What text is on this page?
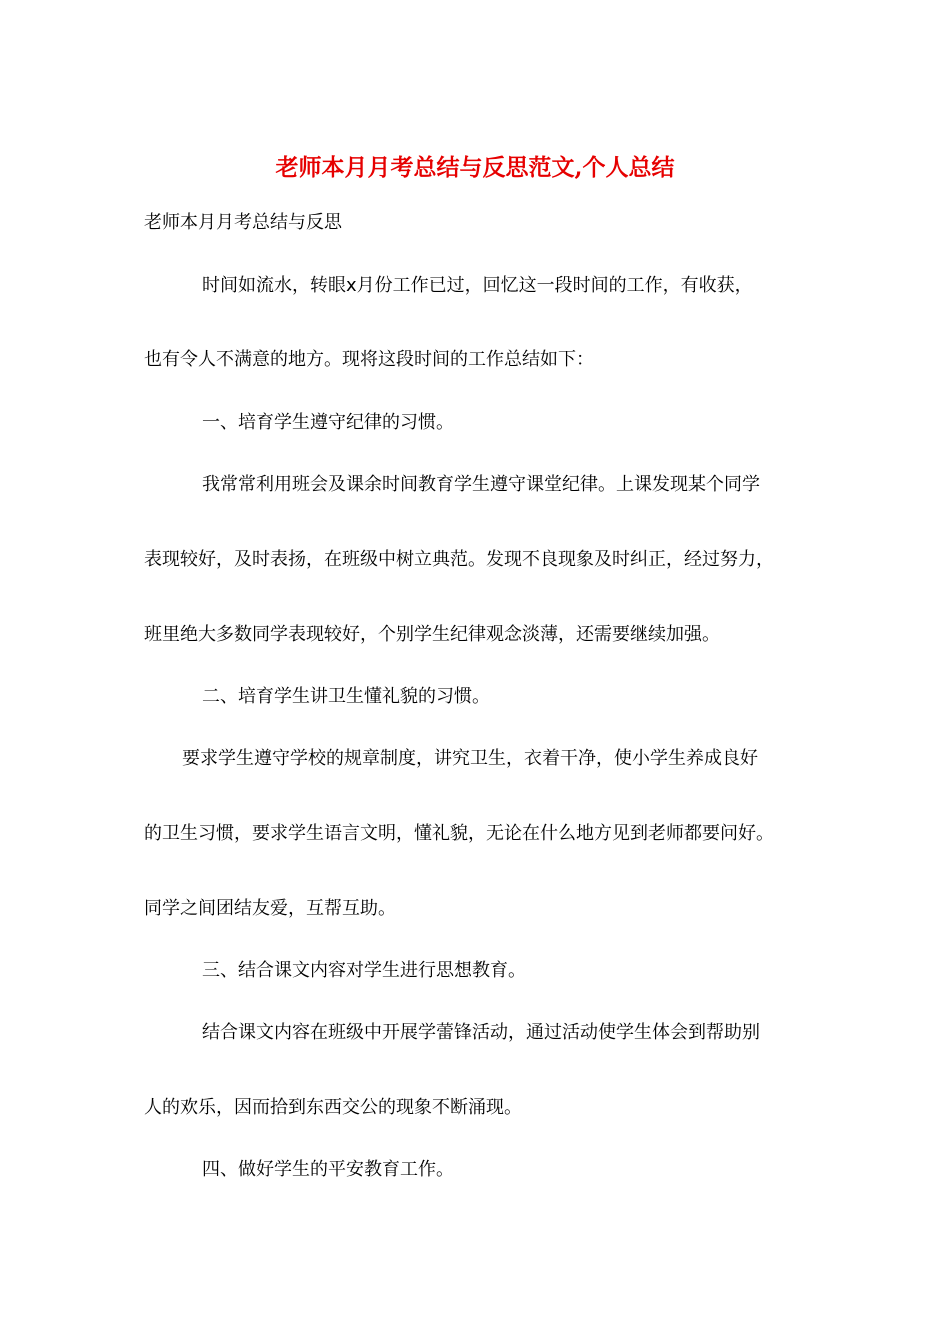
老师本月月考总结与反思范文,个人总结
老师本月月考总结与反思
时间如流水，转眼x月份工作已过，回忆这一段时间的工作，有收获，
也有令人不满意的地方。现将这段时间的工作总结如下：
一、培育学生遵守纪律的习惯。
我常常利用班会及课余时间教育学生遵守课堂纪律。上课发现某个同学
表现较好，及时表扬，在班级中树立典范。发现不良现象及时纠正，经过努力，
班里绝大多数同学表现较好，个别学生纪律观念淡薄，还需要继续加强。
二、培育学生讲卫生懂礼貌的习惯。
要求学生遵守学校的规章制度，讲究卫生，衣着干净，使小学生养成良好
的卫生习惯，要求学生语言文明，懂礼貌，无论在什么地方见到老师都要问好。
同学之间团结友爱，互帮互助。
三、结合课文内容对学生进行思想教育。
结合课文内容在班级中开展学蕾锋活动，通过活动使学生体会到帮助别
人的欢乐，因而拾到东西交公的现象不断涌现。
四、做好学生的平安教育工作。
